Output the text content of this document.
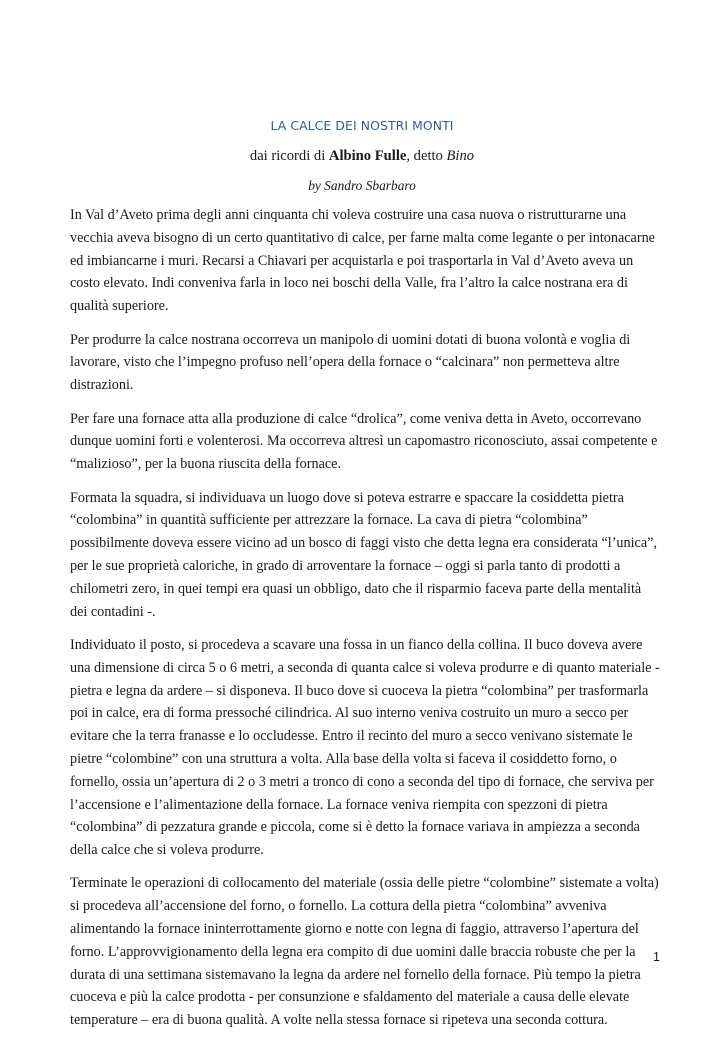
LA CALCE DEI NOSTRI MONTI
dai ricordi di Albino Fulle, detto Bino
by Sandro Sbarbaro

In Val d’Aveto prima degli anni cinquanta chi voleva costruire una casa nuova o ristrutturarne una vecchia aveva bisogno di un certo quantitativo di calce, per farne malta come legante o per intonacarne ed imbiancarne i muri. Recarsi a Chiavari per acquistarla e poi trasportarla in Val d’Aveto aveva un costo elevato. Indi conveniva farla in loco nei boschi della Valle, fra l’altro la calce nostrana era di qualità superiore.

Per produrre la calce nostrana occorreva un manipolo di uomini dotati di buona volontà e voglia di lavorare, visto che l’impegno profuso nell’opera della fornace o “calcinara” non permetteva altre distrazioni.

Per fare una fornace atta alla produzione di calce “drolica”, come veniva detta in Aveto, occorrevano dunque uomini forti e volenterosi. Ma occorreva altresì un capomastro riconosciuto, assai competente e “malizioso”, per la buona riuscita della fornace.

Formata la squadra, si individuava un luogo dove si poteva estrarre e spaccare la cosiddetta pietra “colombina” in quantità sufficiente per attrezzare la fornace. La cava di pietra “colombina” possibilmente doveva essere vicino ad un bosco di faggi visto che detta legna era considerata “l’unica”, per le sue proprietà caloriche, in grado di arroventare la fornace – oggi si parla tanto di prodotti a chilometri zero, in quei tempi era quasi un obbligo, dato che il risparmio faceva parte della mentalità dei contadini -.

Individuato il posto, si procedeva a scavare una fossa in un fianco della collina. Il buco doveva avere una dimensione di circa 5 o 6 metri, a seconda di quanta calce si voleva produrre e di quanto materiale - pietra e legna da ardere – si disponeva. Il buco dove si cuoceva la pietra “colombina” per trasformarla poi in calce, era di forma pressoché cilindrica. Al suo interno veniva costruito un muro a secco per evitare che la terra franasse e lo occludesse. Entro il recinto del muro a secco venivano sistemate le pietre “colombine” con una struttura a volta. Alla base della volta si faceva il cosiddetto forno, o fornello, ossia un’apertura di 2 o 3 metri a tronco di cono a seconda del tipo di fornace, che serviva per l’accensione e l’alimentazione della fornace. La fornace veniva riempita con spezzoni di pietra “colombina” di pezzatura grande e piccola, come si è detto la fornace variava in ampiezza a seconda della calce che si voleva produrre.

Terminate le operazioni di collocamento del materiale (ossia delle pietre “colombine” sistemate a volta) si procedeva all’accensione del forno, o fornello. La cottura della pietra “colombina” avveniva alimentando la fornace ininterrottamente giorno e notte con legna di faggio, attraverso l’apertura del forno. L’approvvigionamento della legna era compito di due uomini dalle braccia robuste che per la durata di una settimana sistemavano la legna da ardere nel fornello della fornace. Più tempo la pietra cuoceva e più la calce prodotta - per consunzione e sfaldamento del materiale a causa delle elevate temperature – era di buona qualità. A volte nella stessa fornace si ripeteva una seconda cottura.

1
